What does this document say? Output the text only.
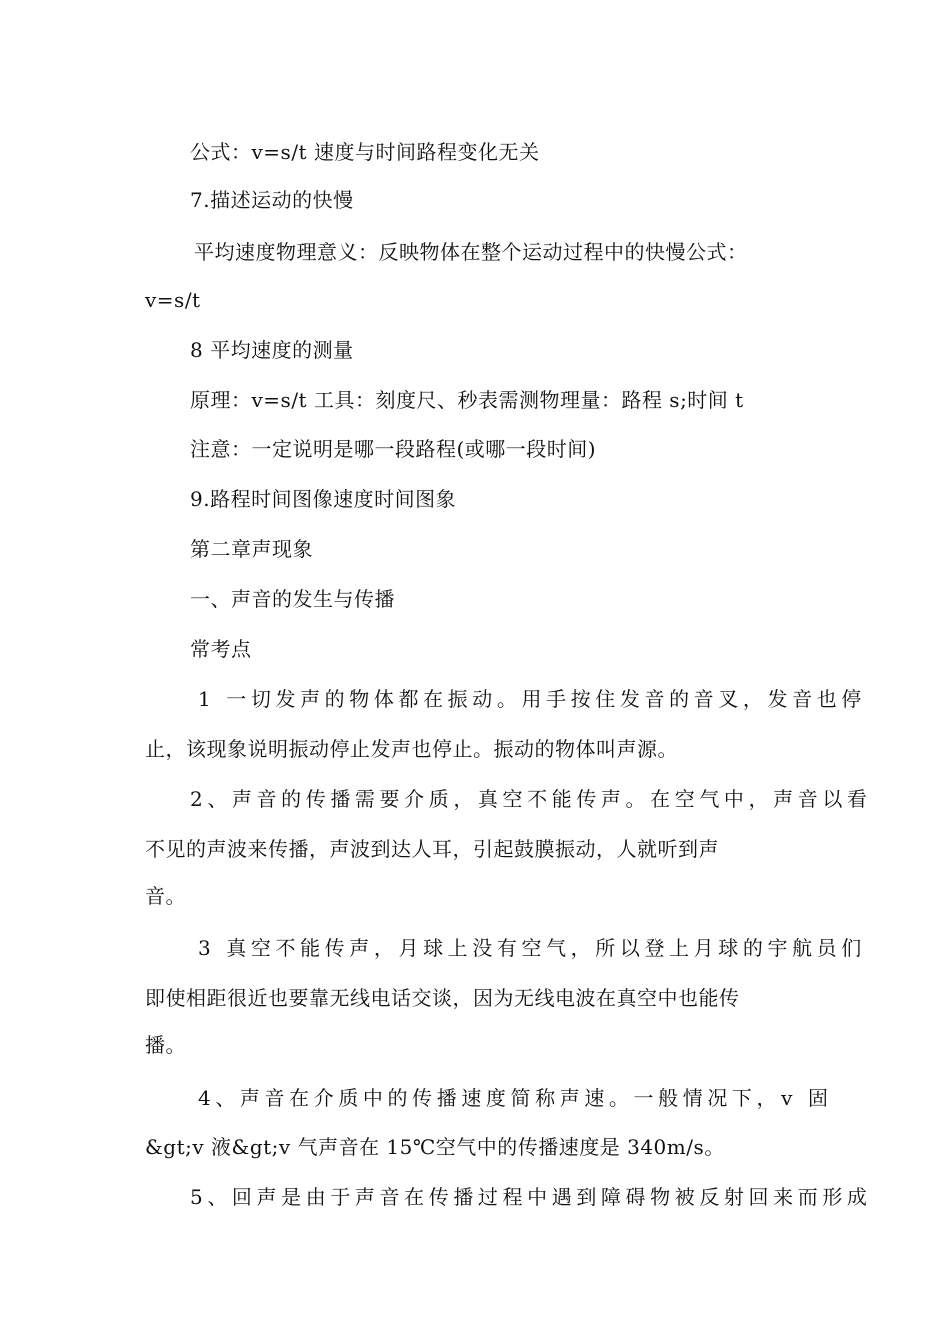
公式：v=s/t 速度与时间路程变化无关
7.描述运动的快慢
平均速度物理意义：反映物体在整个运动过程中的快慢公式：
v=s/t
8 平均速度的测量
原理：v=s/t 工具：刻度尺、秒表需测物理量：路程 s;时间 t
注意：一定说明是哪一段路程(或哪一段时间)
9.路程时间图像速度时间图象
第二章声现象
一、声音的发生与传播
常考点
1 一切发声的物体都在振动。用手按住发音的音叉，发音也停
止，该现象说明振动停止发声也停止。振动的物体叫声源。
2、声音的传播需要介质，真空不能传声。在空气中，声音以看
不见的声波来传播，声波到达人耳，引起鼓膜振动，人就听到声
音。
3 真空不能传声，月球上没有空气，所以登上月球的宇航员们
即使相距很近也要靠无线电话交谈，因为无线电波在真空中也能传
播。
4、声音在介质中的传播速度简称声速。一般情况下，v 固
&gt;v 液&gt;v 气声音在 15℃空气中的传播速度是 340m/s。
5、回声是由于声音在传播过程中遇到障碍物被反射回来而形成
